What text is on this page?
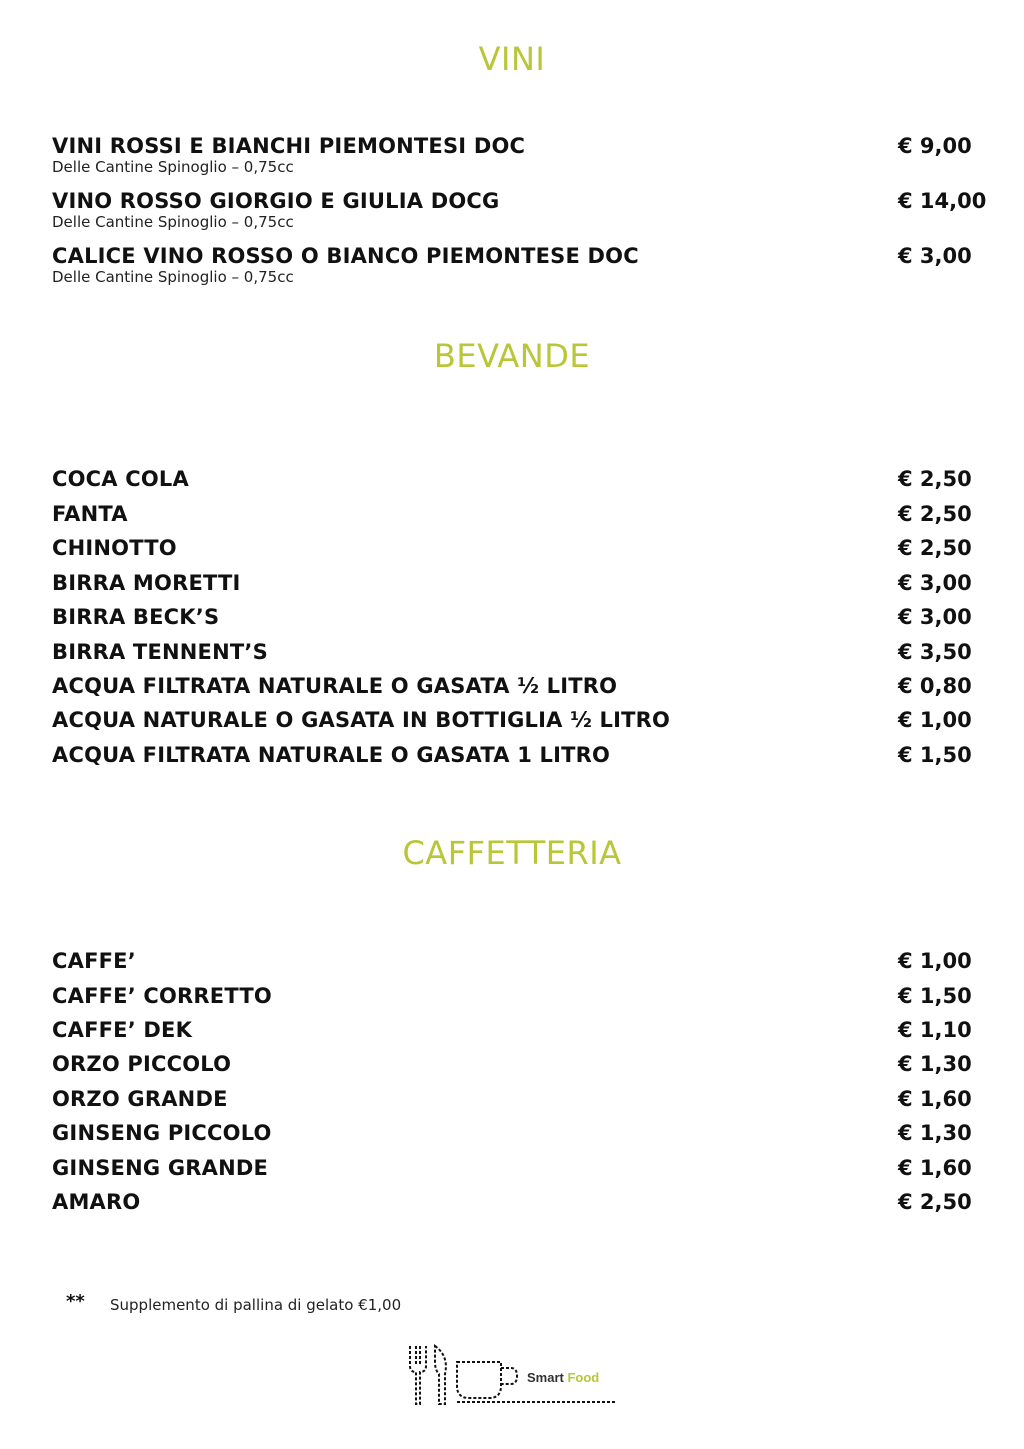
VINI
VINI ROSSI E BIANCHI PIEMONTESI DOC
Delle Cantine Spinoglio – 0,75cc
€ 9,00
VINO ROSSO GIORGIO E GIULIA DOCG
Delle Cantine Spinoglio – 0,75cc
€ 14,00
CALICE VINO ROSSO O BIANCO PIEMONTESE DOC
Delle Cantine Spinoglio – 0,75cc
€ 3,00
BEVANDE
COCA COLA	€ 2,50
FANTA	€ 2,50
CHINOTTO	€ 2,50
BIRRA MORETTI	€ 3,00
BIRRA BECK’S	€ 3,00
BIRRA TENNENT’S	€ 3,50
ACQUA FILTRATA NATURALE O GASATA ½ LITRO	€ 0,80
ACQUA NATURALE O GASATA IN BOTTIGLIA ½ LITRO	€ 1,00
ACQUA FILTRATA NATURALE O GASATA 1 LITRO	€ 1,50
CAFFETTERIA
CAFFE’	€ 1,00
CAFFE’ CORRETTO	€ 1,50
CAFFE’ DEK	€ 1,10
ORZO PICCOLO	€ 1,30
ORZO GRANDE	€ 1,60
GINSENG PICCOLO	€ 1,30
GINSENG GRANDE	€ 1,60
AMARO	€ 2,50
** Supplemento di pallina di gelato €1,00
Smart Food
